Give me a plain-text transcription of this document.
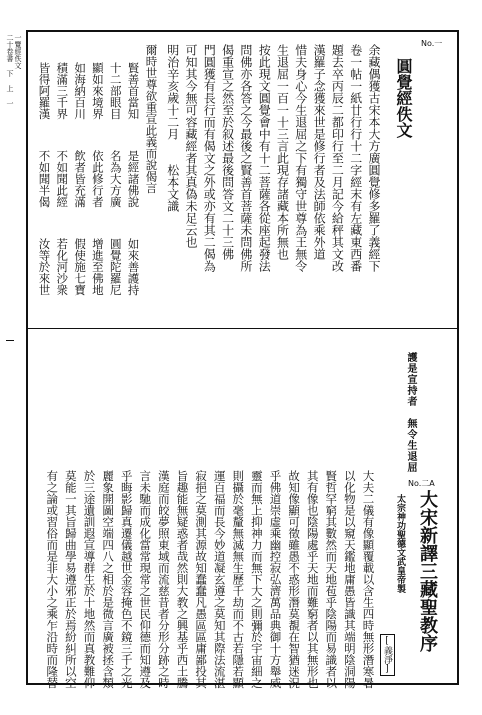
No.一
一覽經佚文
二十卷書 下 上 一	圓覺經佚文
余藏偶獲古宋本大方廣圓覺修多羅了義經下
卷一帖一紙廿行行十二字經末有左藏東西番
題去卒丙辰二都印行至二月記今給秤其文改
漢羅子念獲來世是修行者及法師依乘外道
惜夫身心今生退屈之下有獨守世尊為王無令
生退屈一百一十三言此現存諸藏本所無也
按此現文圓覺會中有十二菩薩各從座起發法
問佛亦各答之今最後之賢善首菩薩未問佛所
偈重宣之然至於叙述最後問答文二十三佛
門圓獲有長行而有偈文之外或亦有其二偈為
可知其今無可容藏經者其真偽未足云也
明治辛亥歲十二月　　松本文識
爾時世尊欲重宣此義而說偈言
賢善首當知
是經諸佛說
如來善護持
十二部眼目
名為大方廣
圓覺陀羅尼
顯如來境界
依此修行者
增進至佛地
如海納百川
飲者皆充滿
假使施七寶
積滿三千界
不如聞此經
若化河沙衆
皆得阿羅漢
不如聞半偈
汝等於來世
護是宣持者　無令生退屈
No.二A
大宋新譯三藏聖教序
太宗神功聖德文武皇帝製
[義淨]
大夫二儀有像顯覆載以含生四時無形潛寒暑
以化物是以窺天鑑地庸愚皆識其端明陰洞陽
賢哲罕窮其數然而天地苞乎陰陽而易識者以
其有像也陰陽處乎天地而難窮者以其無形也
故知像顯可徵雖愚不惑形潛莫覩在智猶迷況
乎佛道崇虛乘幽控寂弘濟萬品典御十方舉威
靈而無上抑神力而無下大之則彌於宇宙細之
則攝於毫釐無滅無生歷千劫而不古若隱若顯
運百福而長今妙道凝玄遵之莫知其際法流湛
寂挹之莫測其源故知蠢蠢凡愚區區庸鄙投其
旨趣能無疑惑者哉然則大教之興基乎西土騰
漢庭而皎夢照東域而流慈昔者分形分跡之時
言未馳而成化當常現常之世民仰德而知遵及
乎晦影歸真遷儀越世金容掩色不鏡三千之光
麗象開圖空端四八之相於是微言廣被拯含類
於三途遺訓遐宣導群生於十地然而真教難仰
莫能一其旨歸曲學易遵邪正於焉紛糾所以空
有之論或習俗而是非大小之乘乍沿時而隆替
